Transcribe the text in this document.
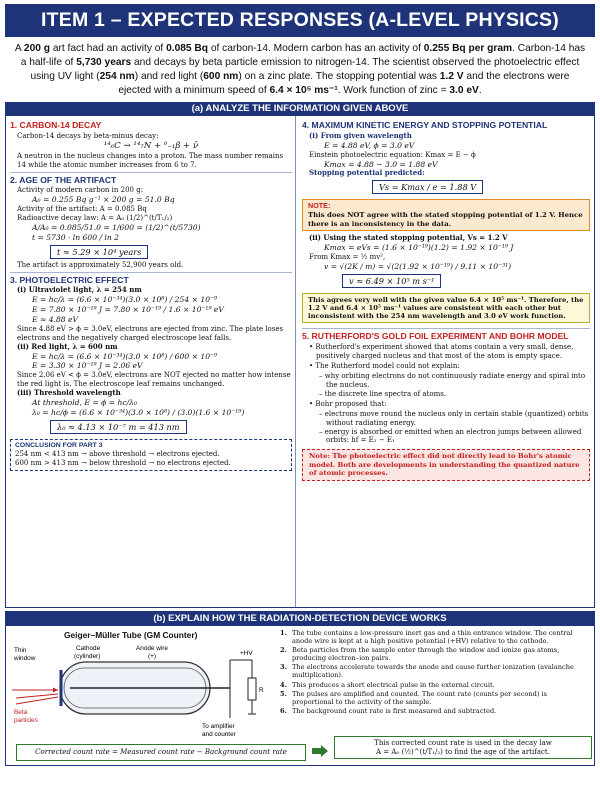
ITEM 1 – EXPECTED RESPONSES (A-LEVEL PHYSICS)
A 200 g art fact had an activity of 0.085 Bq of carbon-14. Modern carbon has an activity of 0.255 Bq per gram. Carbon-14 has a half-life of 5,730 years and decays by beta particle emission to nitrogen-14. The scientist observed the photoelectric effect using UV light (254 nm) and red light (600 nm) on a zinc plate. The stopping potential was 1.2 V and the electrons were ejected with a minimum speed of 6.4 × 10⁵ ms⁻¹. Work function of zinc = 3.0 eV.
(a) ANALYZE THE INFORMATION GIVEN ABOVE
1. CARBON-14 DECAY
Carbon-14 decays by beta-minus decay:
¹⁴₆C → ¹⁴₇N + ⁰₋₁β + ν̄
A neutron in the nucleus changes into a proton. The mass number remains 14 while the atomic number increases from 6 to 7.
2. AGE OF THE ARTIFACT
Activity of modern carbon in 200 g:
A₀ = 0.255 Bq g⁻¹ × 200 g = 51.0 Bq
Activity of the artifact: A = 0.085 Bq
Radioactive decay law: A = A₀ (1/2)^(t/T₁/₂)
A/A₀ = 0.085/51.0 = 1/600 = (1/2)^(t/5730)
t = 5730 · ln 600 / ln 2
t ≈ 5.29 × 10⁴ years
The artifact is approximately 52,900 years old.
3. PHOTOELECTRIC EFFECT
(i) Ultraviolet light, λ = 254 nm
E = hc/λ = (6.6 × 10⁻³⁴)(3.0 × 10⁸) / 254 × 10⁻⁹
E = 7.80 × 10⁻¹⁹ J = 7.80 × 10⁻¹⁹ / 1.6 × 10⁻¹⁹ eV
E ≈ 4.88 eV
Since 4.88 eV > ϕ = 3.0eV, electrons are ejected from zinc. The plate loses electrons and the negatively charged electroscope leaf falls.
(ii) Red light, λ = 600 nm
E = hc/λ = (6.6 × 10⁻³⁴)(3.0 × 10⁸) / 600 × 10⁻⁹
E = 3.30 × 10⁻¹⁹ J = 2.06 eV
Since 2.06 eV < ϕ = 3.0eV, electrons are NOT ejected no matter how intense the red light is. The electroscope leaf remains unchanged.
(iii) Threshold wavelength
At threshold, E = ϕ = hc/λ₀
λ₀ = hc/ϕ = (6.6 × 10⁻³⁴)(3.0 × 10⁸) / (3.0)(1.6 × 10⁻¹⁹)
λ₀ ≈ 4.13 × 10⁻⁷ m = 413 nm
CONCLUSION FOR PART 3
254 nm < 413 nm → above threshold → electrons ejected.
600 nm > 413 nm → below threshold → no electrons ejected.
4. MAXIMUM KINETIC ENERGY AND STOPPING POTENTIAL
(i) From given wavelength
E = 4.88 eV, ϕ = 3.0 eV
Einstein photoelectric equation: Kmax = E − ϕ
Kmax = 4.88 − 3.0 = 1.88 eV
Stopping potential predicted:
Vs = Kmax / e = 1.88 V
NOTE:
This does NOT agree with the stated stopping potential of 1.2 V. Hence there is an inconsistency in the data.
(ii) Using the stated stopping potential, Vs = 1.2 V
Kmax = eVs = (1.6 × 10⁻¹⁹)(1.2) = 1.92 × 10⁻¹⁹ J
From Kmax = ½ mv²,
v = √(2K / m) = √(2(1.92 × 10⁻¹⁹) / 9.11 × 10⁻³¹)
v ≈ 6.49 × 10⁵ m s⁻¹
This agrees very well with the given value 6.4 × 10⁵ ms⁻¹. Therefore, the 1.2 V and 6.4 × 10⁵ ms⁻¹ values are consistent with each other but inconsistent with the 254 nm wavelength and 3.0 eV work function.
5. RUTHERFORD'S GOLD FOIL EXPERIMENT AND BOHR MODEL
• Rutherford's experiment showed that atoms contain a very small, dense, positively charged nucleus and that most of the atom is empty space.
• The Rutherford model could not explain:
– why orbiting electrons do not continuously radiate energy and spiral into the nucleus.
– the discrete line spectra of atoms.
• Bohr proposed that:
– electrons move round the nucleus only in certain stable (quantized) orbits without radiating energy.
– energy is absorbed or emitted when an electron jumps between allowed orbits: hf = E₂ − E₁
Note: The photoelectric effect did not directly lead to Bohr's atomic model. Both are developments in understanding the quantized nature of atomic processes.
(b) EXPLAIN HOW THE RADIATION-DETECTION DEVICE WORKS
Geiger–Müller Tube (GM Counter)
Thin
window
Cathode
(cylinder)
Anode wire
(+)	+HV
Beta
particles
R
To amplifier
and counter
1. The tube contains a low-pressure inert gas and a thin entrance window. The central anode wire is kept at a high positive potential (+HV) relative to the cathode.
2. Beta particles from the sample enter through the window and ionize gas atoms, producing electron–ion pairs.
3. The electrons accelerate towards the anode and cause further ionization (avalanche multiplication).
4. This produces a short electrical pulse in the external circuit.
5. The pulses are amplified and counted. The count rate (counts per second) is proportional to the activity of the sample.
6. The background count rate is first measured and subtracted.
Corrected count rate = Measured count rate − Background count rate
This corrected count rate is used in the decay law
A = A₀ (½)^(t/T₁/₂) to find the age of the artifact.
